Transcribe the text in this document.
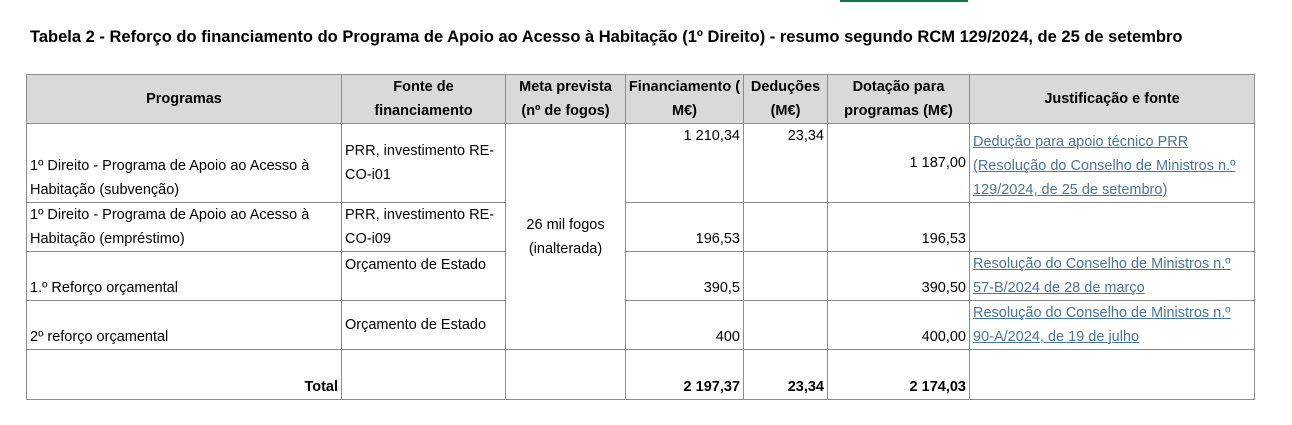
Tabela 2 - Reforço do financiamento do Programa de Apoio ao Acesso à Habitação (1º Direito) - resumo segundo RCM 129/2024, de 25 de setembro
Programas	Fonte de financiamento	Meta prevista (nº de fogos)	Financiamento ( M€)	Deduções (M€)	Dotação para programas (M€)	Justificação e fonte
1º Direito - Programa de Apoio ao Acesso à Habitação (subvenção)	PRR, investimento RE-CO-i01	26 mil fogos (inalterada)	1 210,34	23,34	1 187,00	Dedução para apoio técnico PRR (Resolução do Conselho de Ministros n.º 129/2024, de 25 de setembro)
1º Direito - Programa de Apoio ao Acesso à Habitação (empréstimo)	PRR, investimento RE-CO-i09		196,53		196,53	
1.º Reforço orçamental	Orçamento de Estado		390,5		390,50	Resolução do Conselho de Ministros n.º 57-B/2024 de 28 de março
2º reforço orçamental	Orçamento de Estado		400		400,00	Resolução do Conselho de Ministros n.º 90-A/2024, de 19 de julho
Total			2 197,37	23,34	2 174,03	
